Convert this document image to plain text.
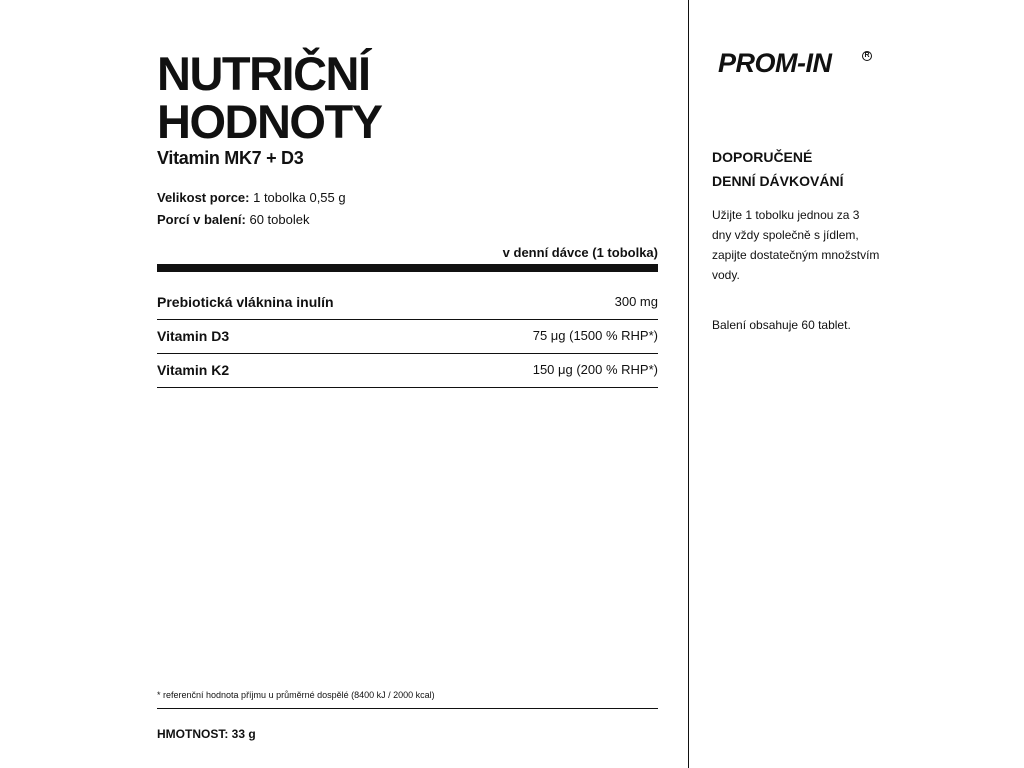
NUTRIČNÍ
HODNOTY
Vitamin MK7 + D3
Velikost porce: 1 tobolka 0,55 g
Porcí v balení: 60 tobolek
v denní dávce (1 tobolka)
Prebiotická vláknina inulín	300 mg
Vitamin D3	75 μg (1500 % RHP*)
Vitamin K2	150 μg (200 % RHP*)
* referenční hodnota příjmu u průměrné dospělé (8400 kJ / 2000 kcal)
HMOTNOST: 33 g
PROM-IN	R
DOPORUČENÉ
DENNÍ DÁVKOVÁNÍ
Užijte 1 tobolku jednou za 3 dny vždy společně s jídlem, zapijte dostatečným množstvím vody.
Balení obsahuje 60 tablet.
